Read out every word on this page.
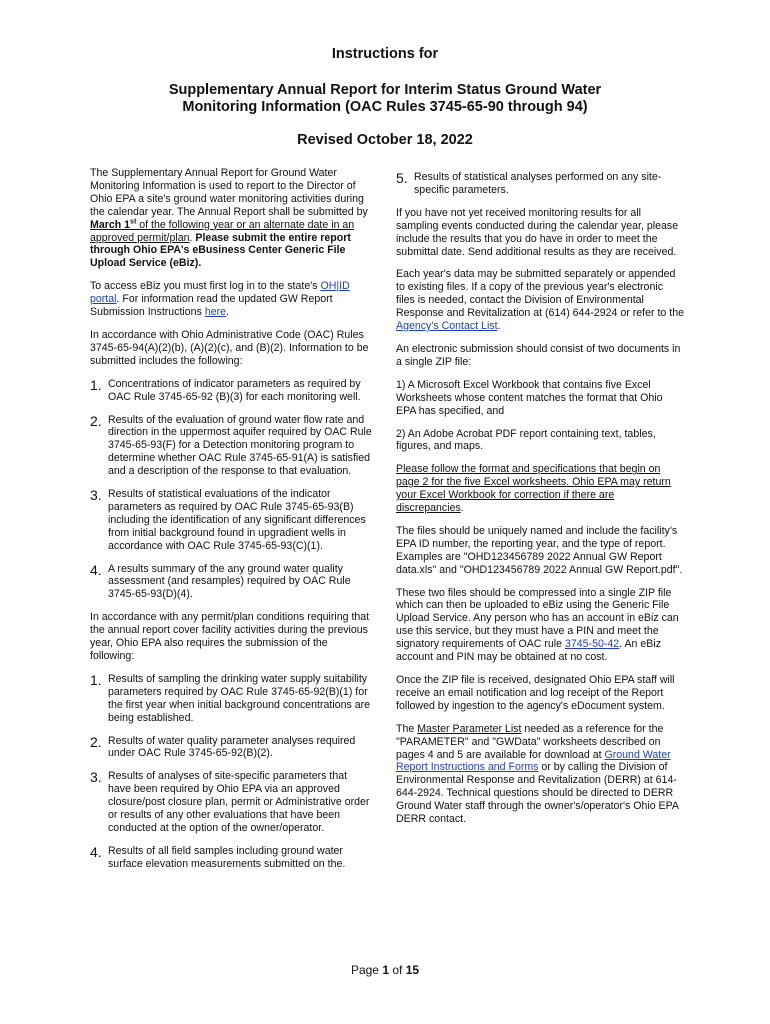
Instructions for
Supplementary Annual Report for Interim Status Ground Water
Monitoring Information (OAC Rules 3745-65-90 through 94)
Revised October 18, 2022

The Supplementary Annual Report for Ground Water Monitoring Information is used to report to the Director of Ohio EPA a site's ground water monitoring activities during the calendar year. The Annual Report shall be submitted by March 1st of the following year or an alternate date in an approved permit/plan. Please submit the entire report through Ohio EPA's eBusiness Center Generic File Upload Service (eBiz).

To access eBiz you must first log in to the state's OH|ID portal. For information read the updated GW Report Submission Instructions here.

In accordance with Ohio Administrative Code (OAC) Rules 3745-65-94(A)(2)(b), (A)(2)(c), and (B)(2). Information to be submitted includes the following:

1. Concentrations of indicator parameters as required by OAC Rule 3745-65-92 (B)(3) for each monitoring well.
2. Results of the evaluation of ground water flow rate and direction in the uppermost aquifer required by OAC Rule 3745-65-93(F) for a Detection monitoring program to determine whether OAC Rule 3745-65-91(A) is satisfied and a description of the response to that evaluation.
3. Results of statistical evaluations of the indicator parameters as required by OAC Rule 3745-65-93(B) including the identification of any significant differences from initial background found in upgradient wells in accordance with OAC Rule 3745-65-93(C)(1).
4. A results summary of the any ground water quality assessment (and resamples) required by OAC Rule 3745-65-93(D)(4).

In accordance with any permit/plan conditions requiring that the annual report cover facility activities during the previous year, Ohio EPA also requires the submission of the following:

1. Results of sampling the drinking water supply suitability parameters required by OAC Rule 3745-65-92(B)(1) for the first year when initial background concentrations are being established.
2. Results of water quality parameter analyses required under OAC Rule 3745-65-92(B)(2).
3. Results of analyses of site-specific parameters that have been required by Ohio EPA via an approved closure/post closure plan, permit or Administrative order or results of any other evaluations that have been conducted at the option of the owner/operator.
4. Results of all field samples including ground water surface elevation measurements submitted on the.
5. Results of statistical analyses performed on any site-specific parameters.

If you have not yet received monitoring results for all sampling events conducted during the calendar year, please include the results that you do have in order to meet the submittal date. Send additional results as they are received.

Each year's data may be submitted separately or appended to existing files. If a copy of the previous year's electronic files is needed, contact the Division of Environmental Response and Revitalization at (614) 644-2924 or refer to the Agency's Contact List.

An electronic submission should consist of two documents in a single ZIP file:

1) A Microsoft Excel Workbook that contains five Excel Worksheets whose content matches the format that Ohio EPA has specified, and

2) An Adobe Acrobat PDF report containing text, tables, figures, and maps.

Please follow the format and specifications that begin on page 2 for the five Excel worksheets. Ohio EPA may return your Excel Workbook for correction if there are discrepancies.

The files should be uniquely named and include the facility's EPA ID number, the reporting year, and the type of report. Examples are "OHD123456789 2022 Annual GW Report data.xls" and "OHD123456789 2022 Annual GW Report.pdf".

These two files should be compressed into a single ZIP file which can then be uploaded to eBiz using the Generic File Upload Service. Any person who has an account in eBiz can use this service, but they must have a PIN and meet the signatory requirements of OAC rule 3745-50-42. An eBiz account and PIN may be obtained at no cost.

Once the ZIP file is received, designated Ohio EPA staff will receive an email notification and log receipt of the Report followed by ingestion to the agency's eDocument system.

The Master Parameter List needed as a reference for the "PARAMETER" and "GWData" worksheets described on pages 4 and 5 are available for download at Ground Water Report Instructions and Forms or by calling the Division of Environmental Response and Revitalization (DERR) at 614-644-2924. Technical questions should be directed to DERR Ground Water staff through the owner's/operator's Ohio EPA DERR contact.

Page 1 of 15
